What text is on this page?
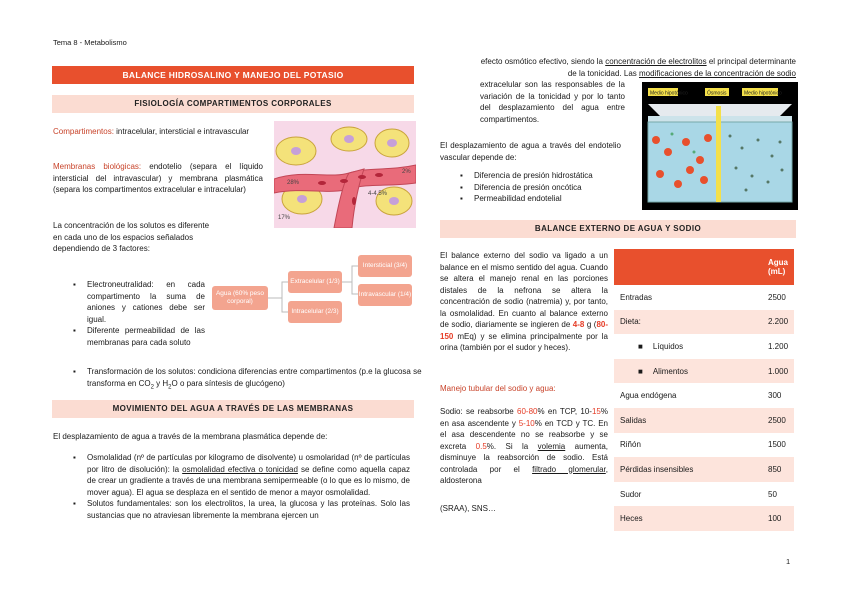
Tema 8 - Metabolismo
BALANCE HIDROSALINO Y MANEJO DEL POTASIO
FISIOLOGÍA COMPARTIMENTOS CORPORALES
Compartimentos: intracelular, intersticial e intravascular
Membranas biológicas: endotelio (separa el líquido intersticial del intravascular) y membrana plasmática (separa los compartimentos extracelular e intracelular)
28%
17%
4-4.5%
2%
La concentración de los solutos es diferente en cada uno de los espacios señalados dependiendo de 3 factores:
▪ Electroneutralidad: en cada compartimento la suma de aniones y cationes debe ser igual.
▪ Diferente permeabilidad de las membranas para cada soluto
▪ Transformación de los solutos: condiciona diferencias entre compartimentos (p.e la glucosa se transforma en $CO_2$ y $H_2O$ o para síntesis de glucógeno)
Agua (60% peso corporal)
Extracelular (1/3)
Intracelular (2/3)
Intersticial (3/4)
Intravascular (1/4)
MOVIMIENTO DEL AGUA A TRAVÉS DE LAS MEMBRANAS
El desplazamiento de agua a través de la membrana plasmática depende de:
▪ Osmolalidad (nº de partículas por kilogramo de disolvente) u osmolaridad (nº de partículas por litro de disolución): la osmolalidad efectiva o tonicidad se define como aquella capaz de crear un gradiente a través de una membrana semipermeable (o lo que es lo mismo, de mover agua). El agua se desplaza en el sentido de menor a mayor osmolalidad.
▪ Solutos fundamentales: son los electrolitos, la urea, la glucosa y las proteínas. Solo las sustancias que no atraviesan libremente la membrana ejercen un
efecto osmótico efectivo, siendo la concentración de electrolitos el principal determinante de la tonicidad. Las modificaciones de la concentración de sodio
extracelular son las responsables de la variación de la tonicidad y por lo tanto del desplazamiento del agua entre compartimentos.
Medio hipotónico	Ósmosis	Medio hipotónico
El desplazamiento de agua a través del endotelio vascular depende de:
▪ Diferencia de presión hidrostática
▪ Diferencia de presión oncótica
▪ Permeabilidad endotelial
BALANCE EXTERNO DE AGUA Y SODIO
El balance externo del sodio va ligado a un balance en el mismo sentido del agua. Cuando se altera el manejo renal en las porciones distales de la nefrona se altera la concentración de sodio (natremia) y, por tanto, la osmolalidad. En cuanto al balance externo de sodio, diariamente se ingieren de 4-8 g (80-150 mEq) y se elimina principalmente por la orina (también por el sudor y heces).
Manejo tubular del sodio y agua:
Sodio: se reabsorbe 60-80% en TCP, 10-15% en asa ascendente y 5-10% en TCD y TC. En el asa descendente no se reabsorbe y se excreta 0.5%. Si la volemia aumenta, disminuye la reabsorción de sodio. Está controlada por el filtrado glomerular, aldosterona
(SRAA), SNS…
	Agua (mL)
Entradas	2500
Dieta:	2.200
■ Líquidos	1.200
■ Alimentos	1.000
Agua endógena	300
Salidas	2500
Riñón	1500
Pérdidas insensibles	850
Sudor	50
Heces	100
1
